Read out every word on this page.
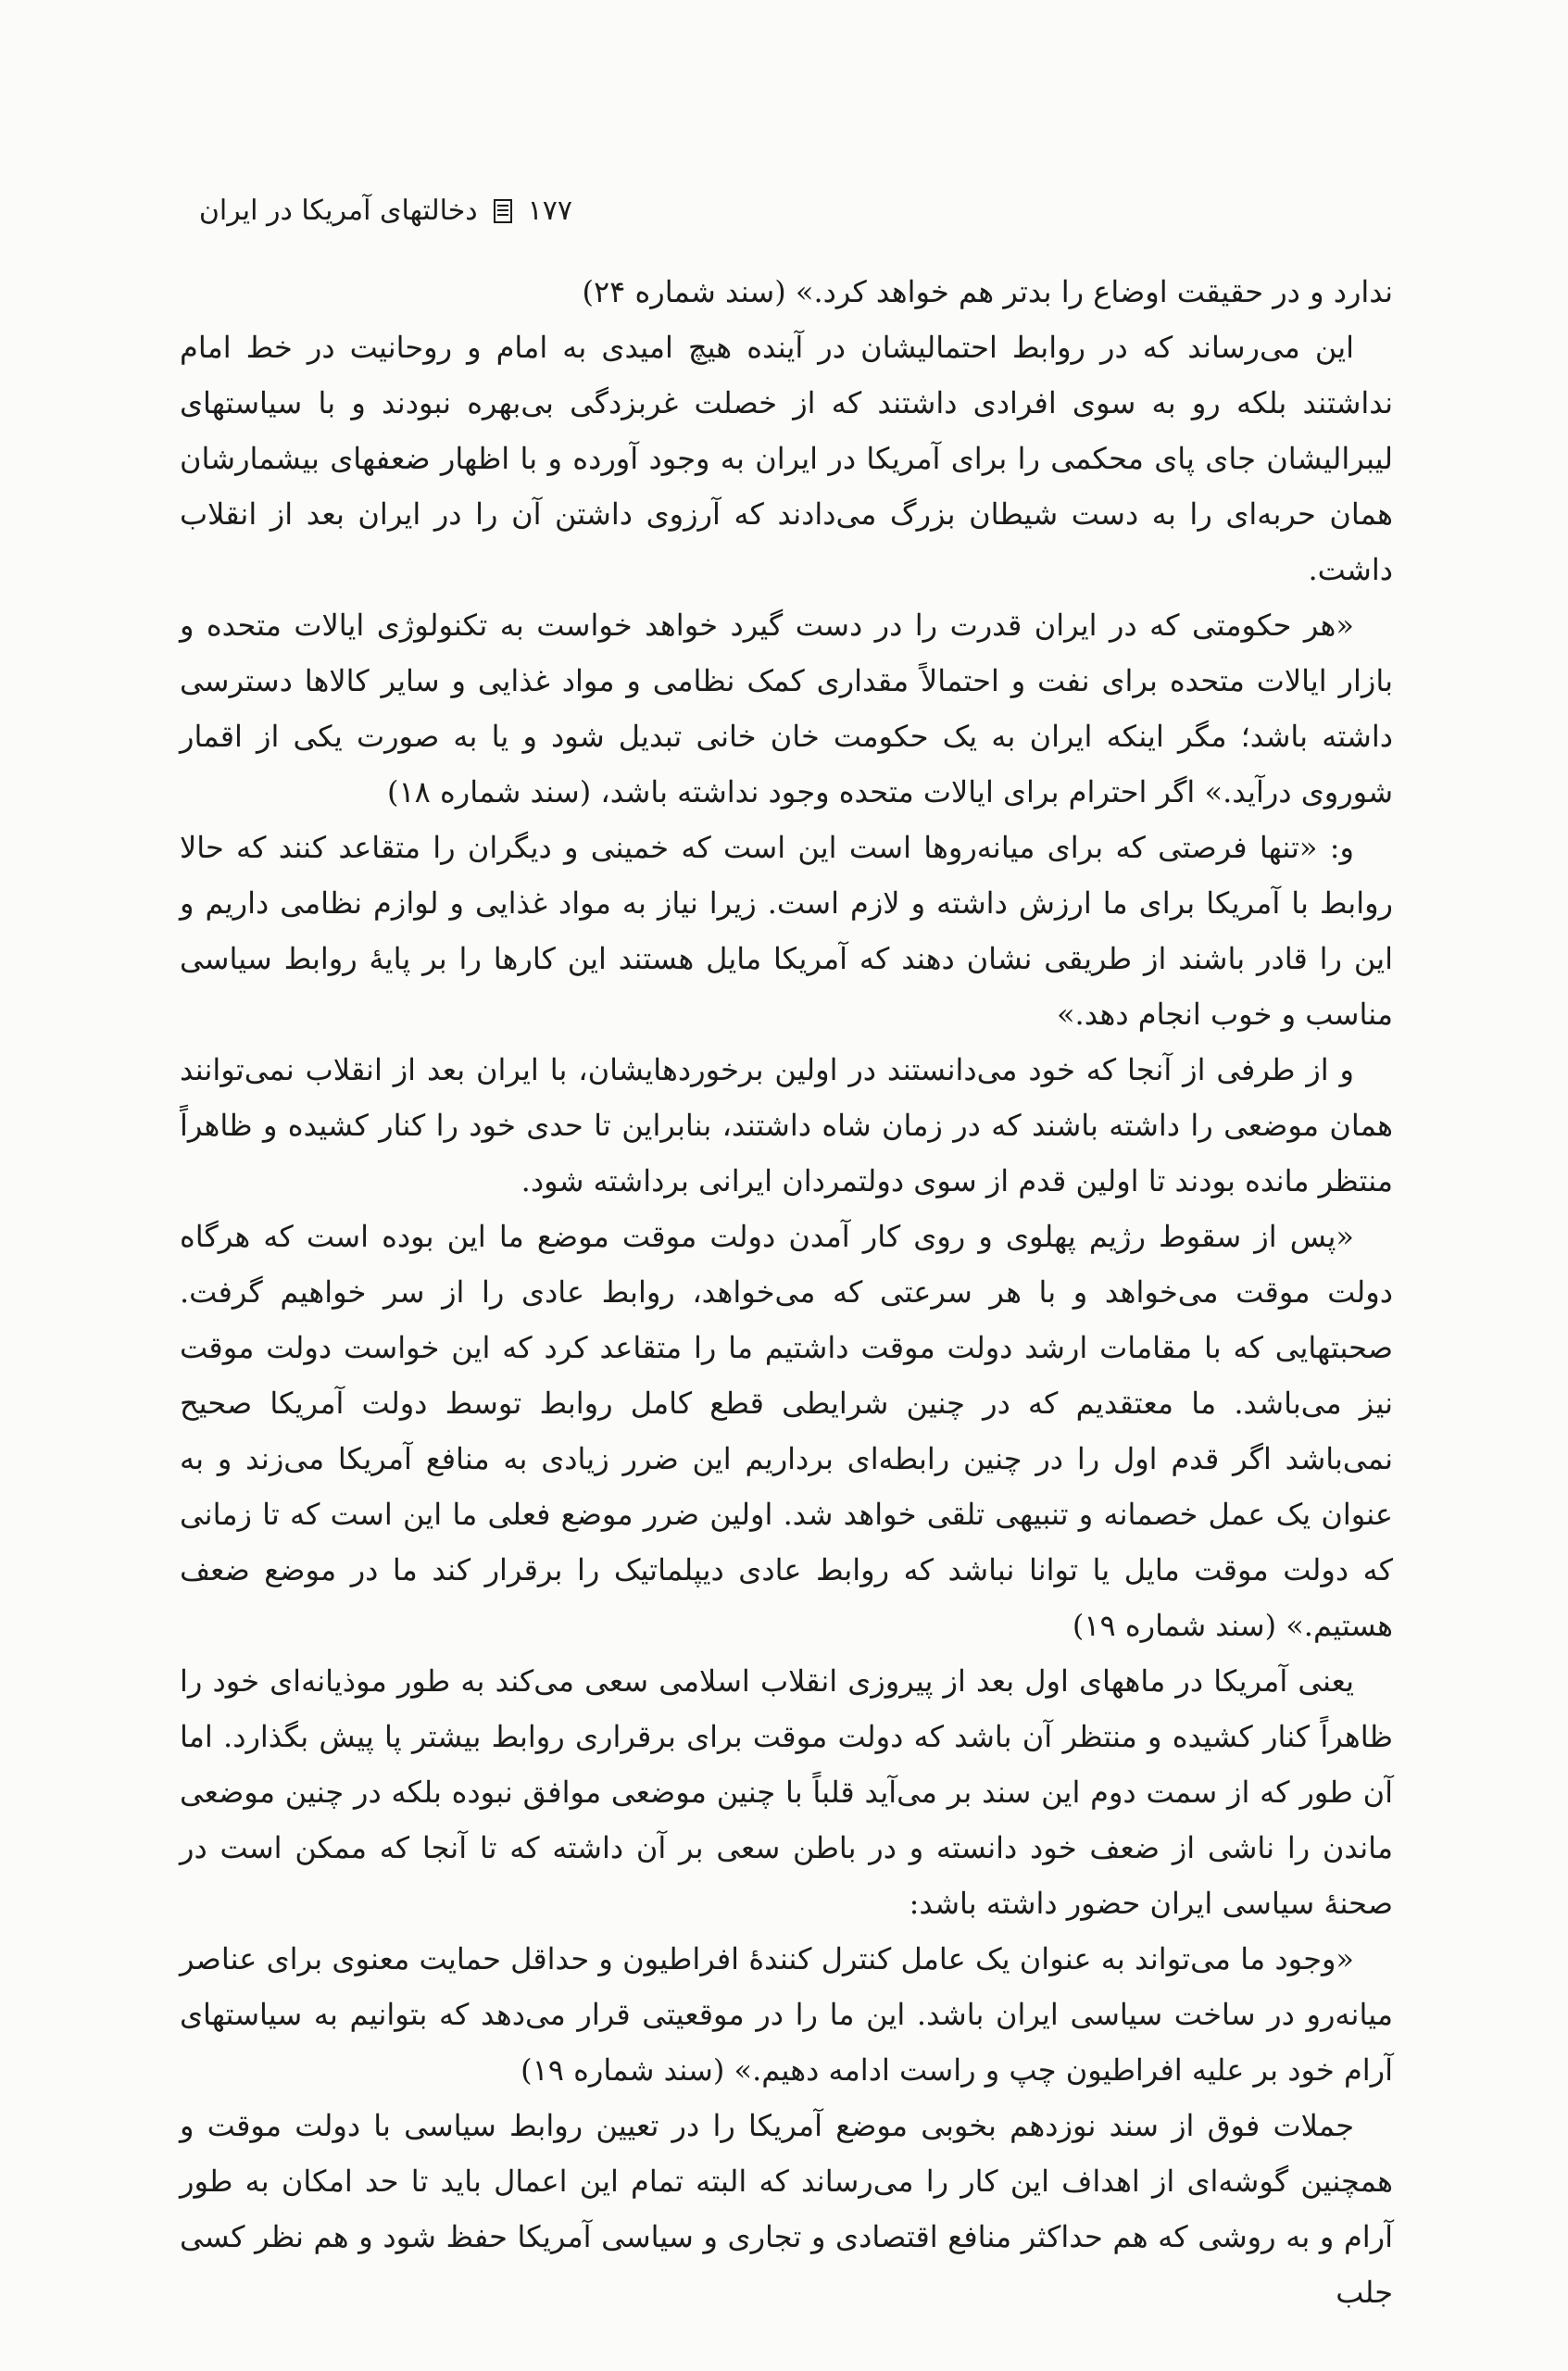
۱۷۷
دخالتهای آمریکا در ایران

ندارد و در حقیقت اوضاع را بدتر هم خواهد کرد.» (سند شماره ۲۴)

این می‌رساند که در روابط احتمالیشان در آینده هیچ امیدی به امام و روحانیت در خط امام نداشتند بلکه رو به سوی افرادی داشتند که از خصلت غربزدگی بی‌بهره نبودند و با سیاستهای لیبرالیشان جای پای محکمی را برای آمریکا در ایران به وجود آورده و با اظهار ضعفهای بیشمارشان همان حربه‌ای را به دست شیطان بزرگ می‌دادند که آرزوی داشتن آن را در ایران بعد از انقلاب داشت.

«هر حکومتی که در ایران قدرت را در دست گیرد خواهد خواست به تکنولوژی ایالات متحده و بازار ایالات متحده برای نفت و احتمالاً مقداری کمک نظامی و مواد غذایی و سایر کالاها دسترسی داشته باشد؛ مگر اینکه ایران به یک حکومت خان خانی تبدیل شود و یا به صورت یکی از اقمار شوروی درآید.» اگر احترام برای ایالات متحده وجود نداشته باشد، (سند شماره ۱۸)

و: «تنها فرصتی که برای میانه‌روها است این است که خمینی و دیگران را متقاعد کنند که حالا روابط با آمریکا برای ما ارزش داشته و لازم است. زیرا نیاز به مواد غذایی و لوازم نظامی داریم و این را قادر باشند از طریقی نشان دهند که آمریکا مایل هستند این کارها را بر پایهٔ روابط سیاسی مناسب و خوب انجام دهد.»

و از طرفی از آنجا که خود می‌دانستند در اولین برخوردهایشان، با ایران بعد از انقلاب نمی‌توانند همان موضعی را داشته باشند که در زمان شاه داشتند، بنابراین تا حدی خود را کنار کشیده و ظاهراً منتظر مانده بودند تا اولین قدم از سوی دولتمردان ایرانی برداشته شود.

«پس از سقوط رژیم پهلوی و روی کار آمدن دولت موقت موضع ما این بوده است که هرگاه دولت موقت می‌خواهد و با هر سرعتی که می‌خواهد، روابط عادی را از سر خواهیم گرفت. صحبتهایی که با مقامات ارشد دولت موقت داشتیم ما را متقاعد کرد که این خواست دولت موقت نیز می‌باشد. ما معتقدیم که در چنین شرایطی قطع کامل روابط توسط دولت آمریکا صحیح نمی‌باشد اگر قدم اول را در چنین رابطه‌ای برداریم این ضرر زیادی به منافع آمریکا می‌زند و به عنوان یک عمل خصمانه و تنبیهی تلقی خواهد شد. اولین ضرر موضع فعلی ما این است که تا زمانی که دولت موقت مایل یا توانا نباشد که روابط عادی دیپلماتیک را برقرار کند ما در موضع ضعف هستیم.» (سند شماره ۱۹)

یعنی آمریکا در ماههای اول بعد از پیروزی انقلاب اسلامی سعی می‌کند به طور موذیانه‌ای خود را ظاهراً کنار کشیده و منتظر آن باشد که دولت موقت برای برقراری روابط بیشتر پا پیش بگذارد. اما آن طور که از سمت دوم این سند بر می‌آید قلباً با چنین موضعی موافق نبوده بلکه در چنین موضعی ماندن را ناشی از ضعف خود دانسته و در باطن سعی بر آن داشته که تا آنجا که ممکن است در صحنهٔ سیاسی ایران حضور داشته باشد:

«وجود ما می‌تواند به عنوان یک عامل کنترل کنندهٔ افراطیون و حداقل حمایت معنوی برای عناصر میانه‌رو در ساخت سیاسی ایران باشد. این ما را در موقعیتی قرار می‌دهد که بتوانیم به سیاستهای آرام خود بر علیه افراطیون چپ و راست ادامه دهیم.» (سند شماره ۱۹)

جملات فوق از سند نوزدهم بخوبی موضع آمریکا را در تعیین روابط سیاسی با دولت موقت و همچنین گوشه‌ای از اهداف این کار را می‌رساند که البته تمام این اعمال باید تا حد امکان به طور آرام و به روشی که هم حداکثر منافع اقتصادی و تجاری و سیاسی آمریکا حفظ شود و هم نظر کسی جلب
